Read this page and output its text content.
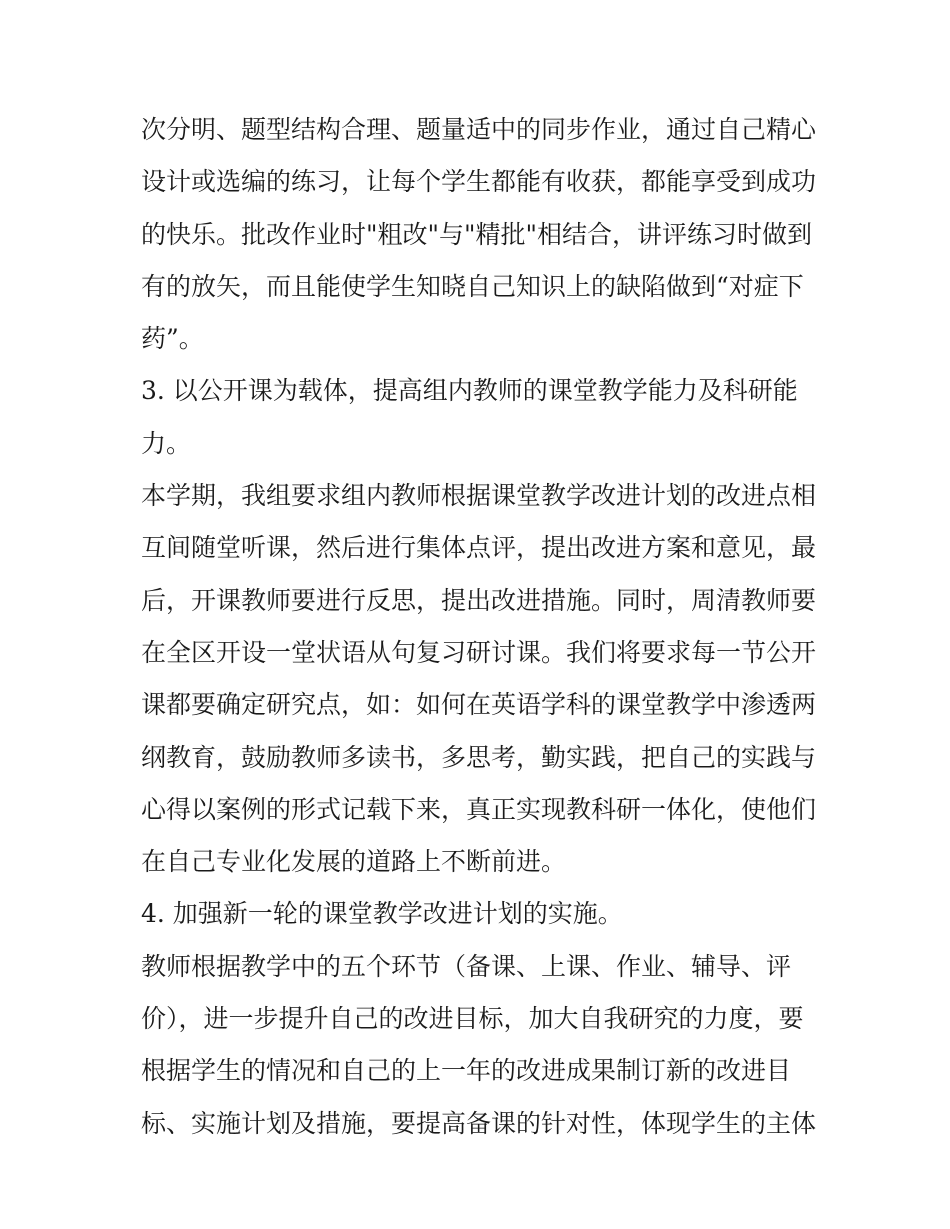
次分明、题型结构合理、题量适中的同步作业，通过自己精心
设计或选编的练习，让每个学生都能有收获，都能享受到成功
的快乐。批改作业时"粗改"与"精批"相结合，讲评练习时做到
有的放矢，而且能使学生知晓自己知识上的缺陷做到“对症下
药”。
3. 以公开课为载体，提高组内教师的课堂教学能力及科研能
力。
本学期，我组要求组内教师根据课堂教学改进计划的改进点相
互间随堂听课，然后进行集体点评，提出改进方案和意见，最
后，开课教师要进行反思，提出改进措施。同时，周清教师要
在全区开设一堂状语从句复习研讨课。我们将要求每一节公开
课都要确定研究点，如：如何在英语学科的课堂教学中渗透两
纲教育，鼓励教师多读书，多思考，勤实践，把自己的实践与
心得以案例的形式记载下来，真正实现教科研一体化，使他们
在自己专业化发展的道路上不断前进。
4. 加强新一轮的课堂教学改进计划的实施。
教师根据教学中的五个环节（备课、上课、作业、辅导、评
价），进一步提升自己的改进目标，加大自我研究的力度，要
根据学生的情况和自己的上一年的改进成果制订新的改进目
标、实施计划及措施，要提高备课的针对性，体现学生的主体
